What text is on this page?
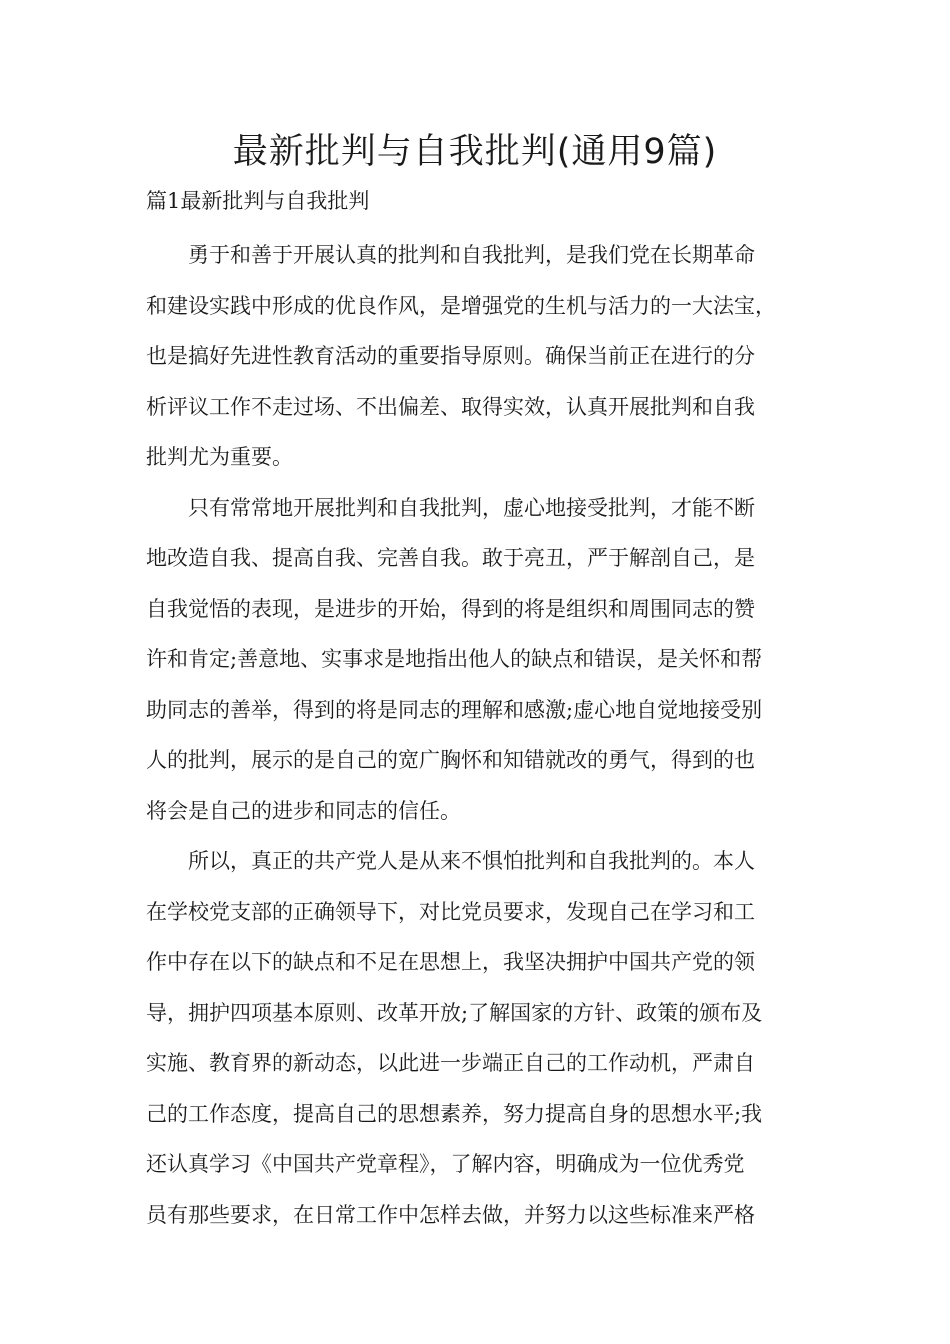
最新批判与自我批判(通用9篇)
篇1最新批判与自我批判
勇于和善于开展认真的批判和自我批判，是我们党在长期革命
和建设实践中形成的优良作风，是增强党的生机与活力的一大法宝，
也是搞好先进性教育活动的重要指导原则。确保当前正在进行的分
析评议工作不走过场、不出偏差、取得实效，认真开展批判和自我
批判尤为重要。
只有常常地开展批判和自我批判，虚心地接受批判，才能不断
地改造自我、提高自我、完善自我。敢于亮丑，严于解剖自己，是
自我觉悟的表现，是进步的开始，得到的将是组织和周围同志的赞
许和肯定;善意地、实事求是地指出他人的缺点和错误，是关怀和帮
助同志的善举，得到的将是同志的理解和感激;虚心地自觉地接受别
人的批判，展示的是自己的宽广胸怀和知错就改的勇气，得到的也
将会是自己的进步和同志的信任。
所以，真正的共产党人是从来不惧怕批判和自我批判的。本人
在学校党支部的正确领导下，对比党员要求，发现自己在学习和工
作中存在以下的缺点和不足在思想上，我坚决拥护中国共产党的领
导，拥护四项基本原则、改革开放;了解国家的方针、政策的颁布及
实施、教育界的新动态，以此进一步端正自己的工作动机，严肃自
己的工作态度，提高自己的思想素养，努力提高自身的思想水平;我
还认真学习《中国共产党章程》，了解内容，明确成为一位优秀党
员有那些要求，在日常工作中怎样去做，并努力以这些标准来严格
